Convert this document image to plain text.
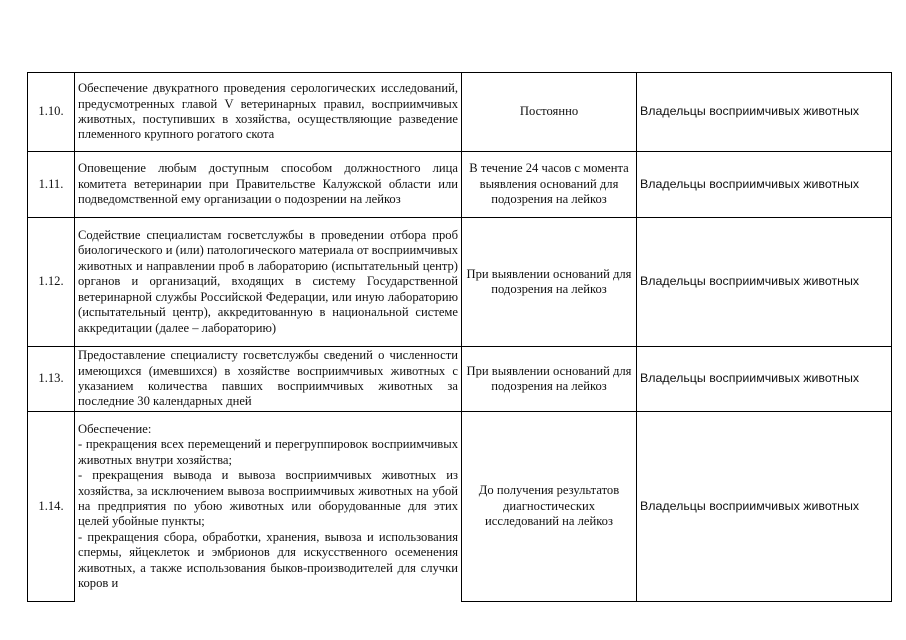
1.10.	Обеспечение двукратного проведения серологических исследований, предусмотренных главой V ветеринарных правил, восприимчивых животных, поступивших в хозяйства, осуществляющие разведение племенного крупного рогатого скота	Постоянно	Владельцы восприимчивых животных
1.11.	Оповещение любым доступным способом должностного лица комитета ветеринарии при Правительстве Калужской области или подведомственной ему организации о подозрении на лейкоз	В течение 24 часов с момента выявления оснований для подозрения на лейкоз	Владельцы восприимчивых животных
1.12.	Содействие специалистам госветслужбы в проведении отбора проб биологического и (или) патологического материала от восприимчивых животных и направлении проб в лабораторию (испытательный центр) органов и организаций, входящих в систему Государственной ветеринарной службы Российской Федерации, или иную лабораторию (испытательный центр), аккредитованную в национальной системе аккредитации (далее – лабораторию)	При выявлении оснований для подозрения на лейкоз	Владельцы восприимчивых животных
1.13.	Предоставление специалисту госветслужбы сведений о численности имеющихся (имевшихся) в хозяйстве восприимчивых животных с указанием количества павших восприимчивых животных за последние 30 календарных дней	При выявлении оснований для подозрения на лейкоз	Владельцы восприимчивых животных
1.14.	Обеспечение:
- прекращения всех перемещений и перегруппировок восприимчивых животных внутри хозяйства;
- прекращения вывода и вывоза восприимчивых животных из хозяйства, за исключением вывоза восприимчивых животных на убой на предприятия по убою животных или оборудованные для этих целей убойные пункты;
- прекращения сбора, обработки, хранения, вывоза и использования спермы, яйцеклеток и эмбрионов для искусственного осеменения животных, а также использования быков-производителей для случки коров и	До получения результатов диагностических исследований на лейкоз	Владельцы восприимчивых животных
